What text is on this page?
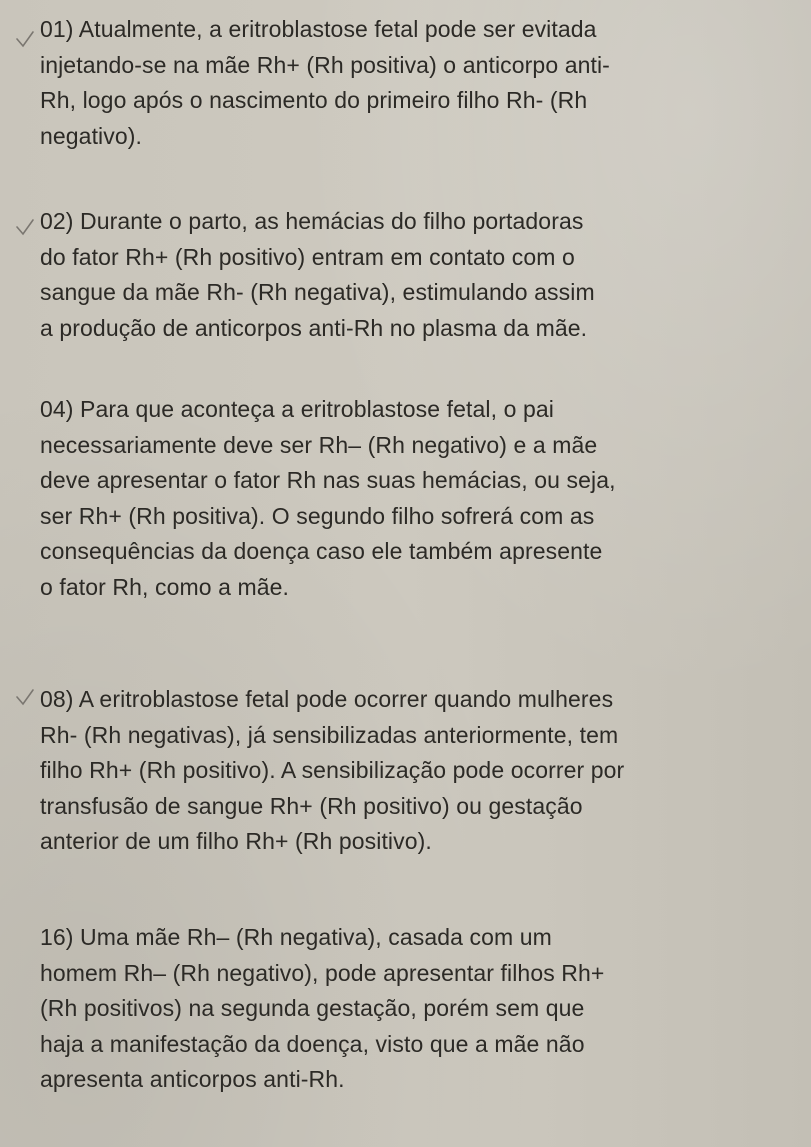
01) Atualmente, a eritroblastose fetal pode ser evitada

injetando-se na mãe Rh+ (Rh positiva) o anticorpo anti-

Rh, logo após o nascimento do primeiro filho Rh- (Rh

negativo).

02) Durante o parto, as hemácias do filho portadoras

do fator Rh+ (Rh positivo) entram em contato com o

sangue da mãe Rh- (Rh negativa), estimulando assim

a produção de anticorpos anti-Rh no plasma da mãe.

04) Para que aconteça a eritroblastose fetal, o pai

necessariamente deve ser Rh– (Rh negativo) e a mãe

deve apresentar o fator Rh nas suas hemácias, ou seja,

ser Rh+ (Rh positiva). O segundo filho sofrerá com as

consequências da doença caso ele também apresente

o fator Rh, como a mãe.

08) A eritroblastose fetal pode ocorrer quando mulheres

Rh- (Rh negativas), já sensibilizadas anteriormente, tem

filho Rh+ (Rh positivo). A sensibilização pode ocorrer por

transfusão de sangue Rh+ (Rh positivo) ou gestação

anterior de um filho Rh+ (Rh positivo).

16) Uma mãe Rh– (Rh negativa), casada com um

homem Rh– (Rh negativo), pode apresentar filhos Rh+

(Rh positivos) na segunda gestação, porém sem que

haja a manifestação da doença, visto que a mãe não

apresenta anticorpos anti-Rh.
